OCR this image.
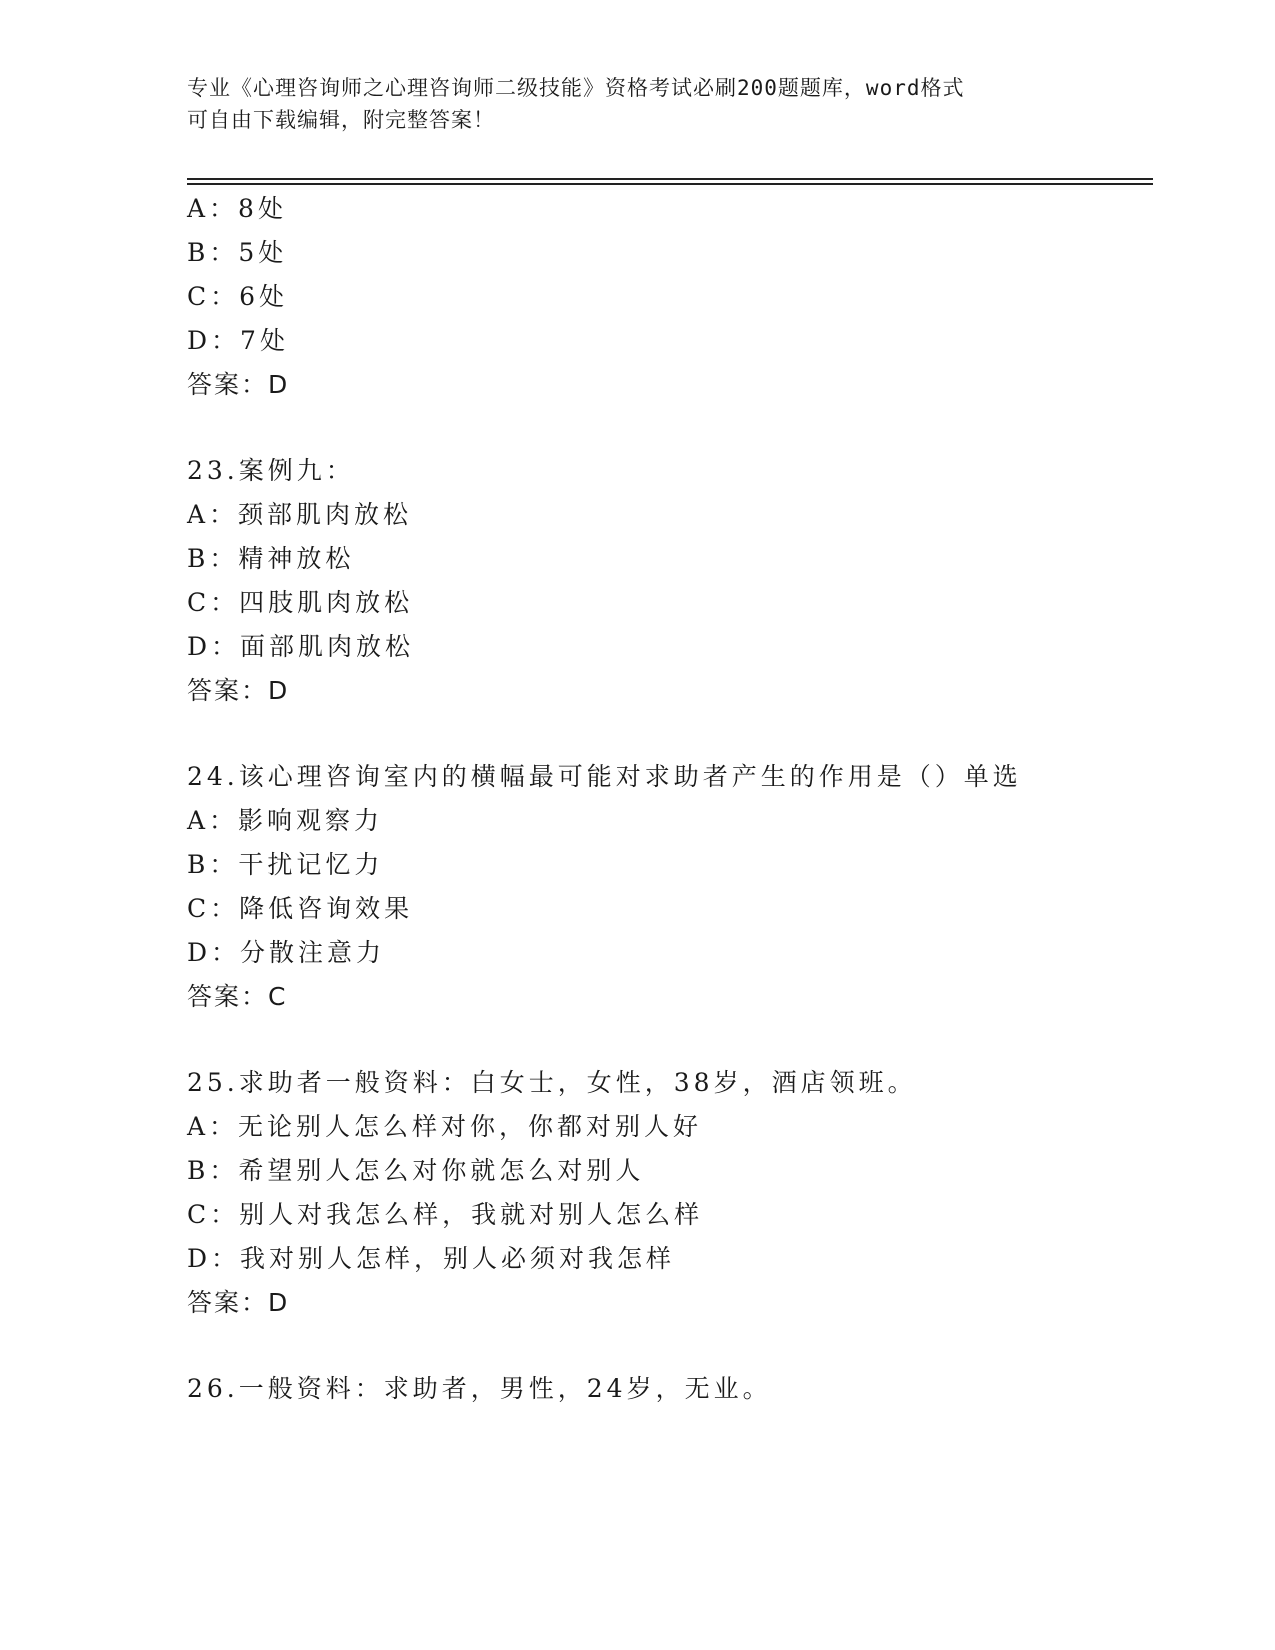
专业《心理咨询师之心理咨询师二级技能》资格考试必刷200题题库，word格式
可自由下载编辑，附完整答案！
A：8处
B：5处
C：6处
D：7处
答案：D
23.案例九：
A：颈部肌肉放松
B：精神放松
C：四肢肌肉放松
D：面部肌肉放松
答案：D
24.该心理咨询室内的横幅最可能对求助者产生的作用是（）单选
A：影响观察力
B：干扰记忆力
C：降低咨询效果
D：分散注意力
答案：C
25.求助者一般资料：白女士，女性，38岁，酒店领班。
A：无论别人怎么样对你，你都对别人好
B：希望别人怎么对你就怎么对别人
C：别人对我怎么样，我就对别人怎么样
D：我对别人怎样，别人必须对我怎样
答案：D
26.一般资料：求助者，男性，24岁，无业。
